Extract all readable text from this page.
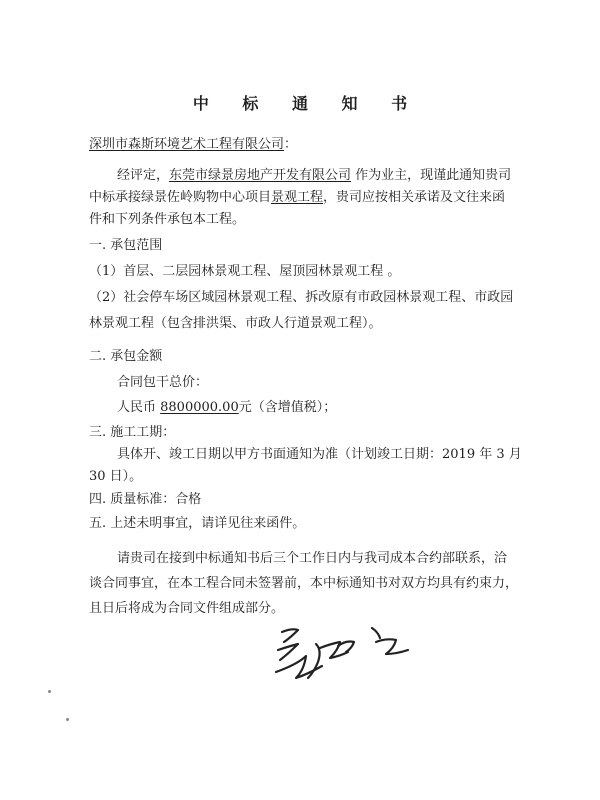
中 标 通 知 书
深圳市森斯环境艺术工程有限公司：
经评定，东莞市绿景房地产开发有限公司 作为业主，现谨此通知贵司
中标承接绿景佐岭购物中心项目景观工程，贵司应按相关承诺及文往来函
件和下列条件承包本工程。
一. 承包范围
（1）首层、二层园林景观工程、屋顶园林景观工程 。
（2）社会停车场区域园林景观工程、拆改原有市政园林景观工程、市政园
林景观工程（包含排洪渠、市政人行道景观工程）。
二. 承包金额
合同包干总价：
人民币 8800000.00元（含增值税）；
三. 施工工期：
具体开、竣工日期以甲方书面通知为准（计划竣工日期：2019 年 3 月
30 日）。
四. 质量标准：合格
五. 上述未明事宜，请详见往来函件。
请贵司在接到中标通知书后三个工作日内与我司成本合约部联系，洽
谈合同事宜，在本工程合同未签署前，本中标通知书对双方均具有约束力，
且日后将成为合同文件组成部分。
